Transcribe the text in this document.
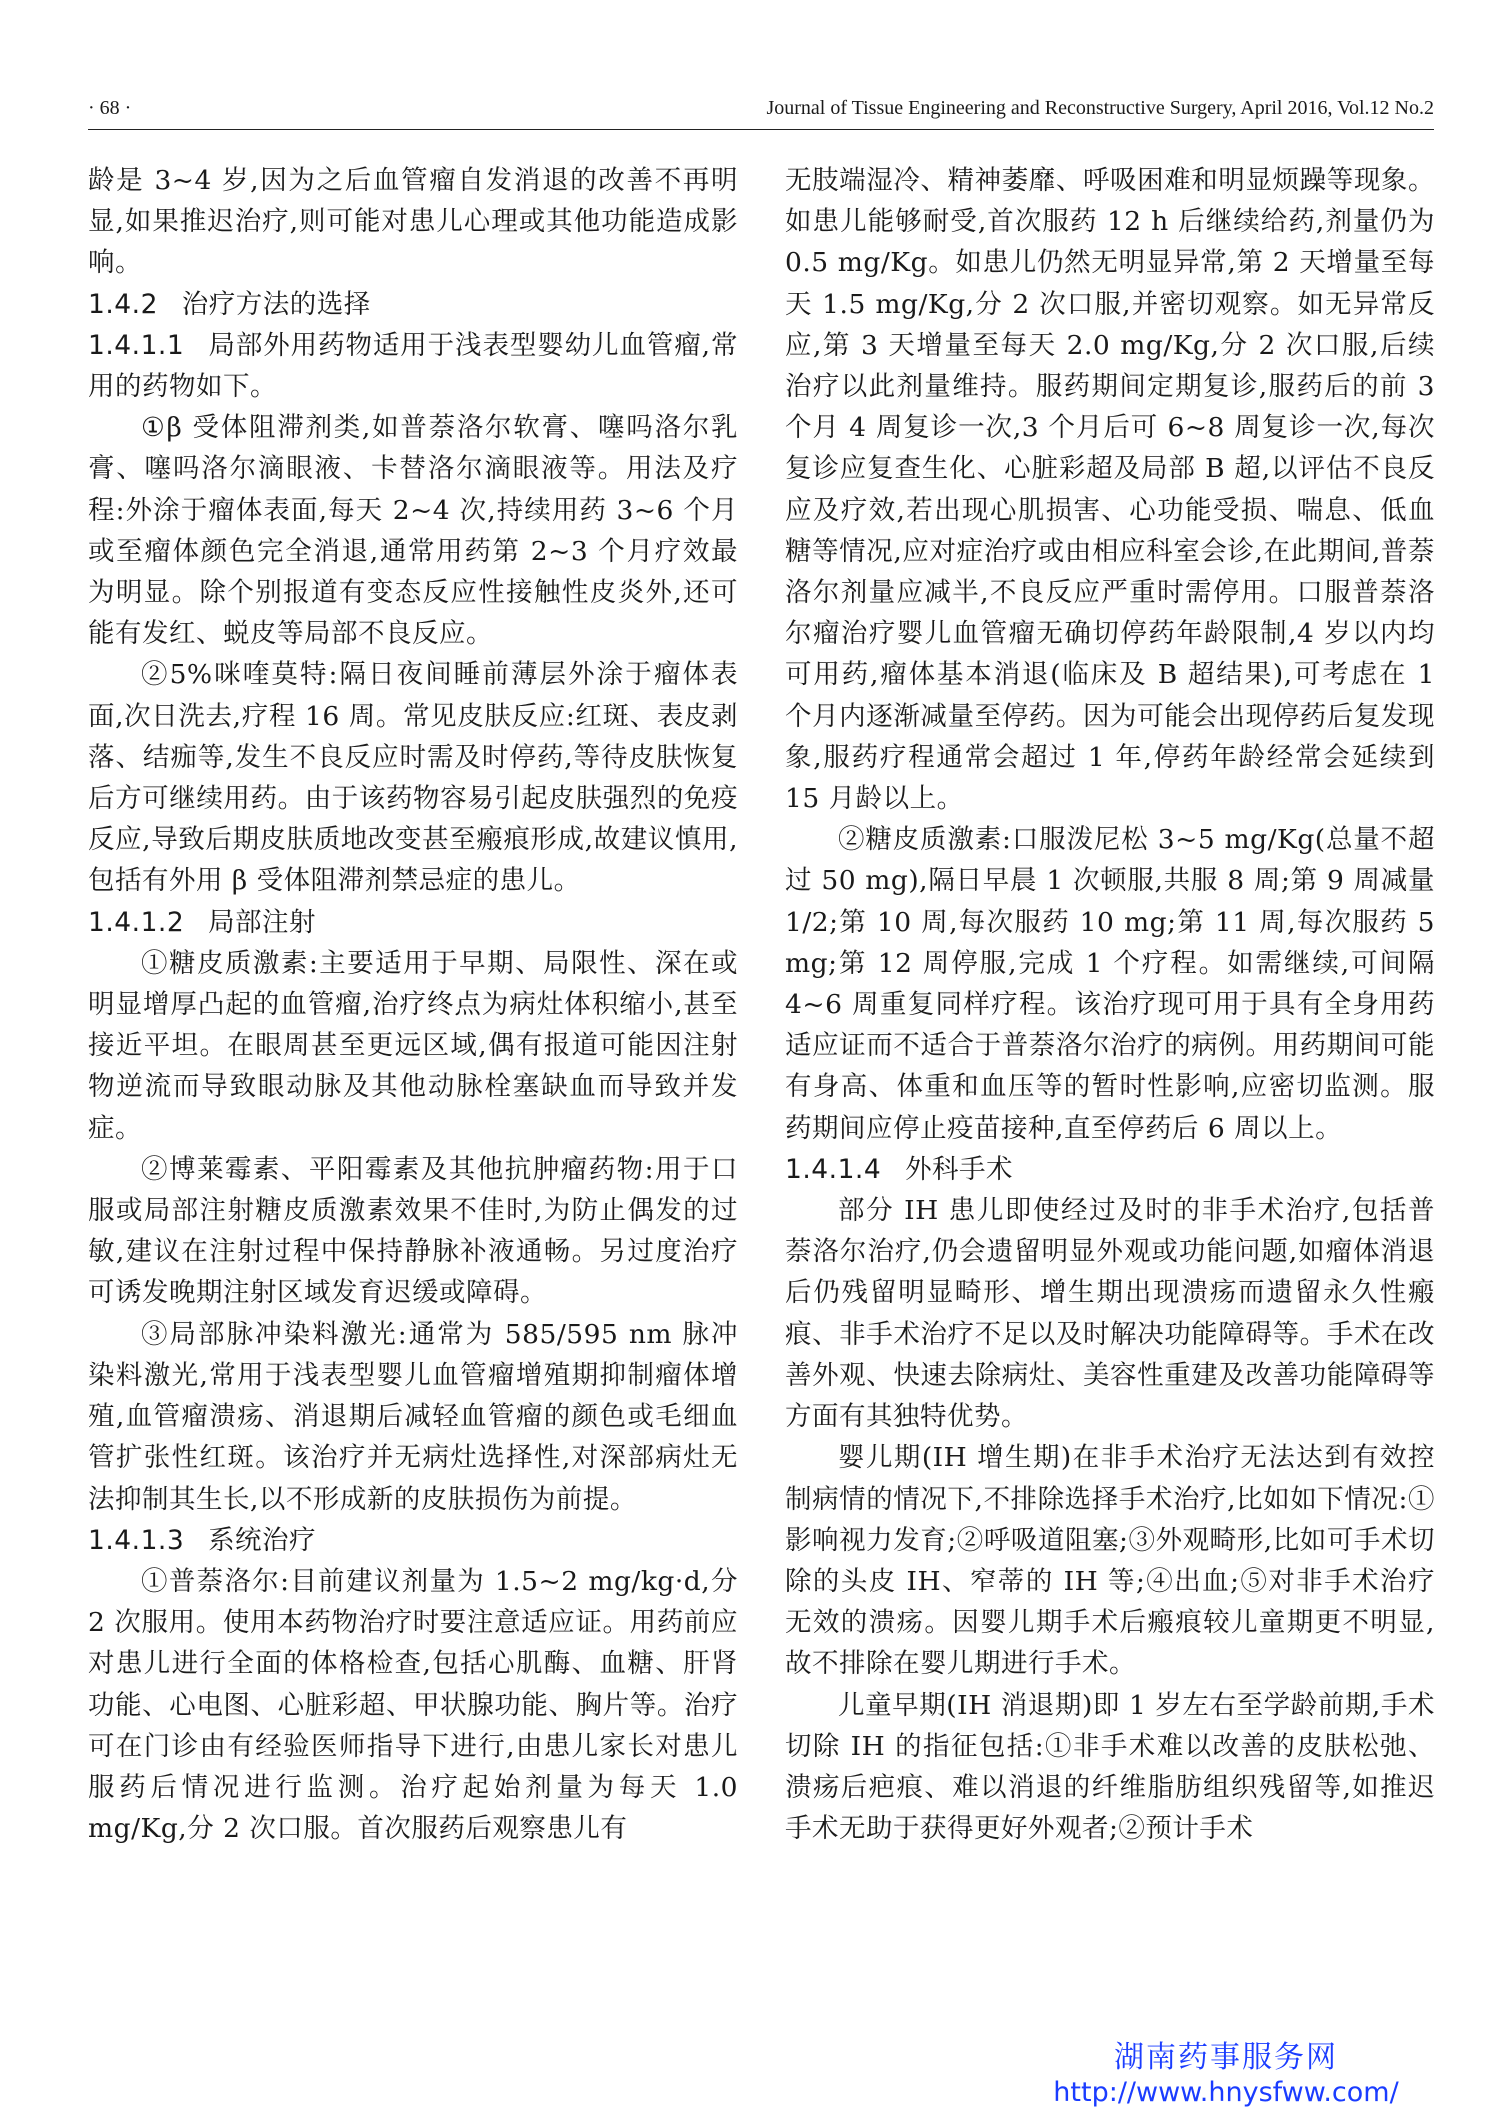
· 68 ·	Journal of Tissue Engineering and Reconstructive Surgery, April 2016, Vol.12 No.2

龄是 3~4 岁,因为之后血管瘤自发消退的改善不再明显,如果推迟治疗,则可能对患儿心理或其他功能造成影响。

1.4.2 治疗方法的选择
1.4.1.1 局部外用药物适用于浅表型婴幼儿血管瘤,常用的药物如下。

①β 受体阻滞剂类,如普萘洛尔软膏、噻吗洛尔乳膏、噻吗洛尔滴眼液、卡替洛尔滴眼液等。用法及疗程:外涂于瘤体表面,每天 2~4 次,持续用药 3~6 个月或至瘤体颜色完全消退,通常用药第 2~3 个月疗效最为明显。除个别报道有变态反应性接触性皮炎外,还可能有发红、蜕皮等局部不良反应。

②5%咪喹莫特:隔日夜间睡前薄层外涂于瘤体表面,次日洗去,疗程 16 周。常见皮肤反应:红斑、表皮剥落、结痂等,发生不良反应时需及时停药,等待皮肤恢复后方可继续用药。由于该药物容易引起皮肤强烈的免疫反应,导致后期皮肤质地改变甚至瘢痕形成,故建议慎用,包括有外用 β 受体阻滞剂禁忌症的患儿。

1.4.1.2 局部注射

①糖皮质激素:主要适用于早期、局限性、深在或明显增厚凸起的血管瘤,治疗终点为病灶体积缩小,甚至接近平坦。在眼周甚至更远区域,偶有报道可能因注射物逆流而导致眼动脉及其他动脉栓塞缺血而导致并发症。

②博莱霉素、平阳霉素及其他抗肿瘤药物:用于口服或局部注射糖皮质激素效果不佳时,为防止偶发的过敏,建议在注射过程中保持静脉补液通畅。另过度治疗可诱发晚期注射区域发育迟缓或障碍。

③局部脉冲染料激光:通常为 585/595 nm 脉冲染料激光,常用于浅表型婴儿血管瘤增殖期抑制瘤体增殖,血管瘤溃疡、消退期后减轻血管瘤的颜色或毛细血管扩张性红斑。该治疗并无病灶选择性,对深部病灶无法抑制其生长,以不形成新的皮肤损伤为前提。

1.4.1.3 系统治疗

①普萘洛尔:目前建议剂量为 1.5~2 mg/kg·d,分 2 次服用。使用本药物治疗时要注意适应证。用药前应对患儿进行全面的体格检查,包括心肌酶、血糖、肝肾功能、心电图、心脏彩超、甲状腺功能、胸片等。治疗可在门诊由有经验医师指导下进行,由患儿家长对患儿服药后情况进行监测。治疗起始剂量为每天 1.0 mg/Kg,分 2 次口服。首次服药后观察患儿有

无肢端湿冷、精神萎靡、呼吸困难和明显烦躁等现象。如患儿能够耐受,首次服药 12 h 后继续给药,剂量仍为 0.5 mg/Kg。如患儿仍然无明显异常,第 2 天增量至每天 1.5 mg/Kg,分 2 次口服,并密切观察。如无异常反应,第 3 天增量至每天 2.0 mg/Kg,分 2 次口服,后续治疗以此剂量维持。服药期间定期复诊,服药后的前 3 个月 4 周复诊一次,3 个月后可 6~8 周复诊一次,每次复诊应复查生化、心脏彩超及局部 B 超,以评估不良反应及疗效,若出现心肌损害、心功能受损、喘息、低血糖等情况,应对症治疗或由相应科室会诊,在此期间,普萘洛尔剂量应减半,不良反应严重时需停用。口服普萘洛尔瘤治疗婴儿血管瘤无确切停药年龄限制,4 岁以内均可用药,瘤体基本消退(临床及 B 超结果),可考虑在 1 个月内逐渐减量至停药。因为可能会出现停药后复发现象,服药疗程通常会超过 1 年,停药年龄经常会延续到 15 月龄以上。

②糖皮质激素:口服泼尼松 3~5 mg/Kg(总量不超过 50 mg),隔日早晨 1 次顿服,共服 8 周;第 9 周减量 1/2;第 10 周,每次服药 10 mg;第 11 周,每次服药 5 mg;第 12 周停服,完成 1 个疗程。如需继续,可间隔 4~6 周重复同样疗程。该治疗现可用于具有全身用药适应证而不适合于普萘洛尔治疗的病例。用药期间可能有身高、体重和血压等的暂时性影响,应密切监测。服药期间应停止疫苗接种,直至停药后 6 周以上。

1.4.1.4 外科手术

部分 IH 患儿即使经过及时的非手术治疗,包括普萘洛尔治疗,仍会遗留明显外观或功能问题,如瘤体消退后仍残留明显畸形、增生期出现溃疡而遗留永久性瘢痕、非手术治疗不足以及时解决功能障碍等。手术在改善外观、快速去除病灶、美容性重建及改善功能障碍等方面有其独特优势。

婴儿期(IH 增生期)在非手术治疗无法达到有效控制病情的情况下,不排除选择手术治疗,比如如下情况:①影响视力发育;②呼吸道阻塞;③外观畸形,比如可手术切除的头皮 IH、窄蒂的 IH 等;④出血;⑤对非手术治疗无效的溃疡。因婴儿期手术后瘢痕较儿童期更不明显,故不排除在婴儿期进行手术。

儿童早期(IH 消退期)即 1 岁左右至学龄前期,手术切除 IH 的指征包括:①非手术难以改善的皮肤松弛、溃疡后疤痕、难以消退的纤维脂肪组织残留等,如推迟手术无助于获得更好外观者;②预计手术

湖南药事服务网
http://www.hnysfww.com/
